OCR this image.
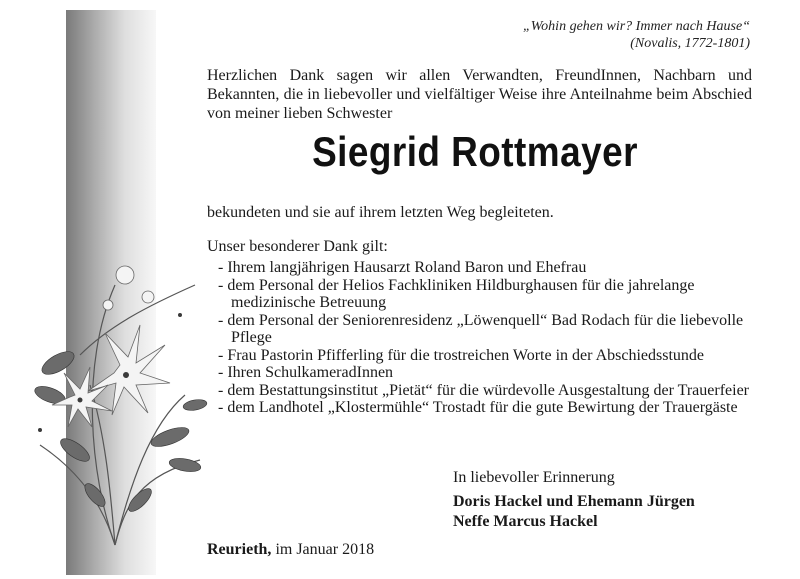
„Wohin gehen wir? Immer nach Hause“
(Novalis, 1772-1801)
Herzlichen Dank sagen wir allen Verwandten, FreundInnen, Nachbarn und Bekannten, die in liebevoller und vielfältiger Weise ihre Anteilnahme beim Abschied von meiner lieben Schwester
Siegrid Rottmayer
bekundeten und sie auf ihrem letzten Weg begleiteten.
Unser besonderer Dank gilt:
- Ihrem langjährigen Hausarzt Roland Baron und Ehefrau
- dem Personal der Helios Fachkliniken Hildburghausen für die jahrelange medizinische Betreuung
- dem Personal der Seniorenresidenz „Löwenquell“ Bad Rodach für die liebevolle Pflege
- Frau Pastorin Pfifferling für die trostreichen Worte in der Abschiedsstunde
- Ihren SchulkameradInnen
- dem Bestattungsinstitut „Pietät“ für die würdevolle Ausgestaltung der Trauerfeier
- dem Landhotel „Klostermühle“ Trostadt für die gute Bewirtung der Trauergäste
In liebevoller Erinnerung
Doris Hackel und Ehemann Jürgen
Neffe Marcus Hackel
Reurieth, im Januar 2018
